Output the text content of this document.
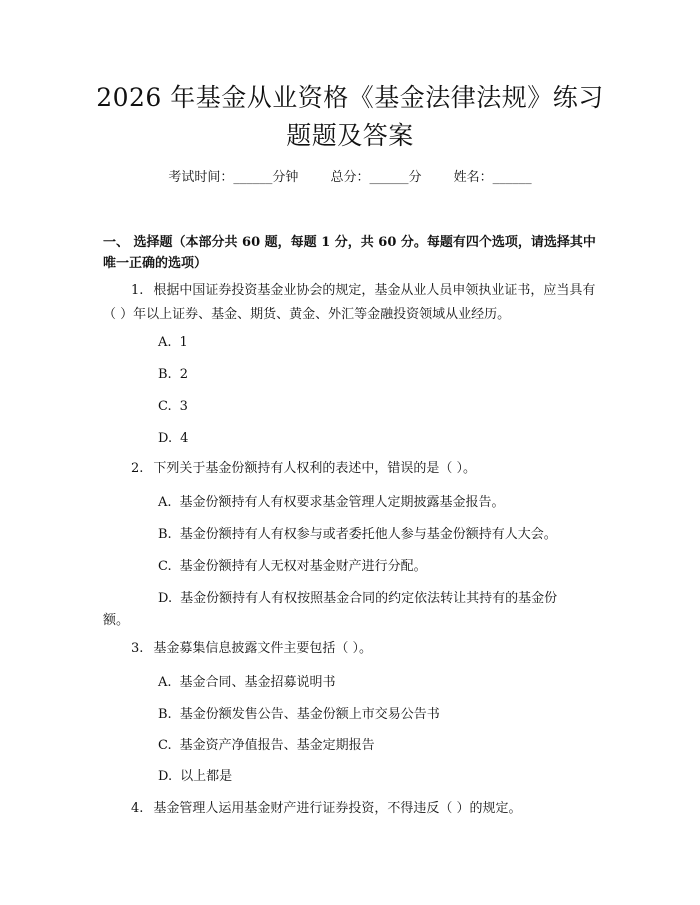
2026 年基金从业资格《基金法律法规》练习
题题及答案
考试时间：______分钟 总分：______分 姓名：______
一、 选择题（本部分共 60 题，每题 1 分，共 60 分。每题有四个选项，请选择其中唯一正确的选项）
1. 根据中国证券投资基金业协会的规定，基金从业人员申领执业证书，应当具有（ ）年以上证券、基金、期货、黄金、外汇等金融投资领域从业经历。
A. 1
B. 2
C. 3
D. 4
2. 下列关于基金份额持有人权利的表述中，错误的是（ ）。
A. 基金份额持有人有权要求基金管理人定期披露基金报告。
B. 基金份额持有人有权参与或者委托他人参与基金份额持有人大会。
C. 基金份额持有人无权对基金财产进行分配。
D. 基金份额持有人有权按照基金合同的约定依法转让其持有的基金份额。
3. 基金募集信息披露文件主要包括（ ）。
A. 基金合同、基金招募说明书
B. 基金份额发售公告、基金份额上市交易公告书
C. 基金资产净值报告、基金定期报告
D. 以上都是
4. 基金管理人运用基金财产进行证券投资，不得违反（ ）的规定。
